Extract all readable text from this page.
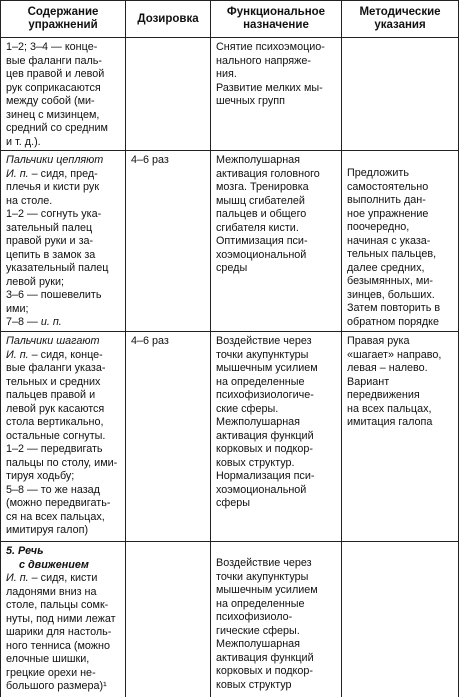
Содержание
упражнений
Дозировка
Функциональное
назначение
Методические
указания
1–2; 3–4 — конце-
вые фаланги паль-
цев правой и левой
рук соприкасаются
между собой (ми-
зинец с мизинцем,
средний со средним
и т. д.).
Снятие психоэмоцио-
нального напряже-
ния.
Развитие мелких мы-
шечных групп
Пальчики цепляют
И. п. – сидя, пред-
плечья и кисти рук
на столе.
1–2 — согнуть ука-
зательный палец
правой руки и за-
цепить в замок за
указательный палец
левой руки;
3–6 — пошевелить
ими;
7–8 — и. п.
4–6 раз	Межполушарная
активация головного
мозга. Тренировка
мышц сгибателей
пальцев и общего
сгибателя кисти.
Оптимизация пси-
хоэмоциональной
среды
Предложить
самостоятельно
выполнить дан-
ное упражнение
поочередно,
начиная с указа-
тельных пальцев,
далее средних,
безымянных, ми-
зинцев, больших.
Затем повторить в
обратном порядке
Пальчики шагают
И. п. – сидя, конце-
вые фаланги указа-
тельных и средних
пальцев правой и
левой рук касаются
стола вертикально,
остальные согнуты.
1–2 — передвигать
пальцы по столу, ими-
тируя ходьбу;
5–8 — то же назад
(можно передвигать-
ся на всех пальцах,
имитируя галоп)
4–6 раз	Воздействие через
точки акупунктуры
мышечным усилием
на определенные
психофизиологиче-
ские сферы.
Межполушарная
активация функций
корковых и подкор-
ковых структур.
Нормализация пси-
хоэмоциональной
сферы
Правая рука
«шагает» направо,
левая – налево.
Вариант
передвижения
на всех пальцах,
имитация галопа
5. Речь
с движением
И. п. – сидя, кисти
ладонями вниз на
столе, пальцы сомк-
нуты, под ними лежат
шарики для настоль-
ного тенниса (можно
елочные шишки,
грецкие орехи не-
большого размера)¹
Воздействие через
точки акупунктуры
мышечным усилием
на определенные
психофизиоло-
гические сферы.
Межполушарная
активация функций
корковых и подкор-
ковых структур
